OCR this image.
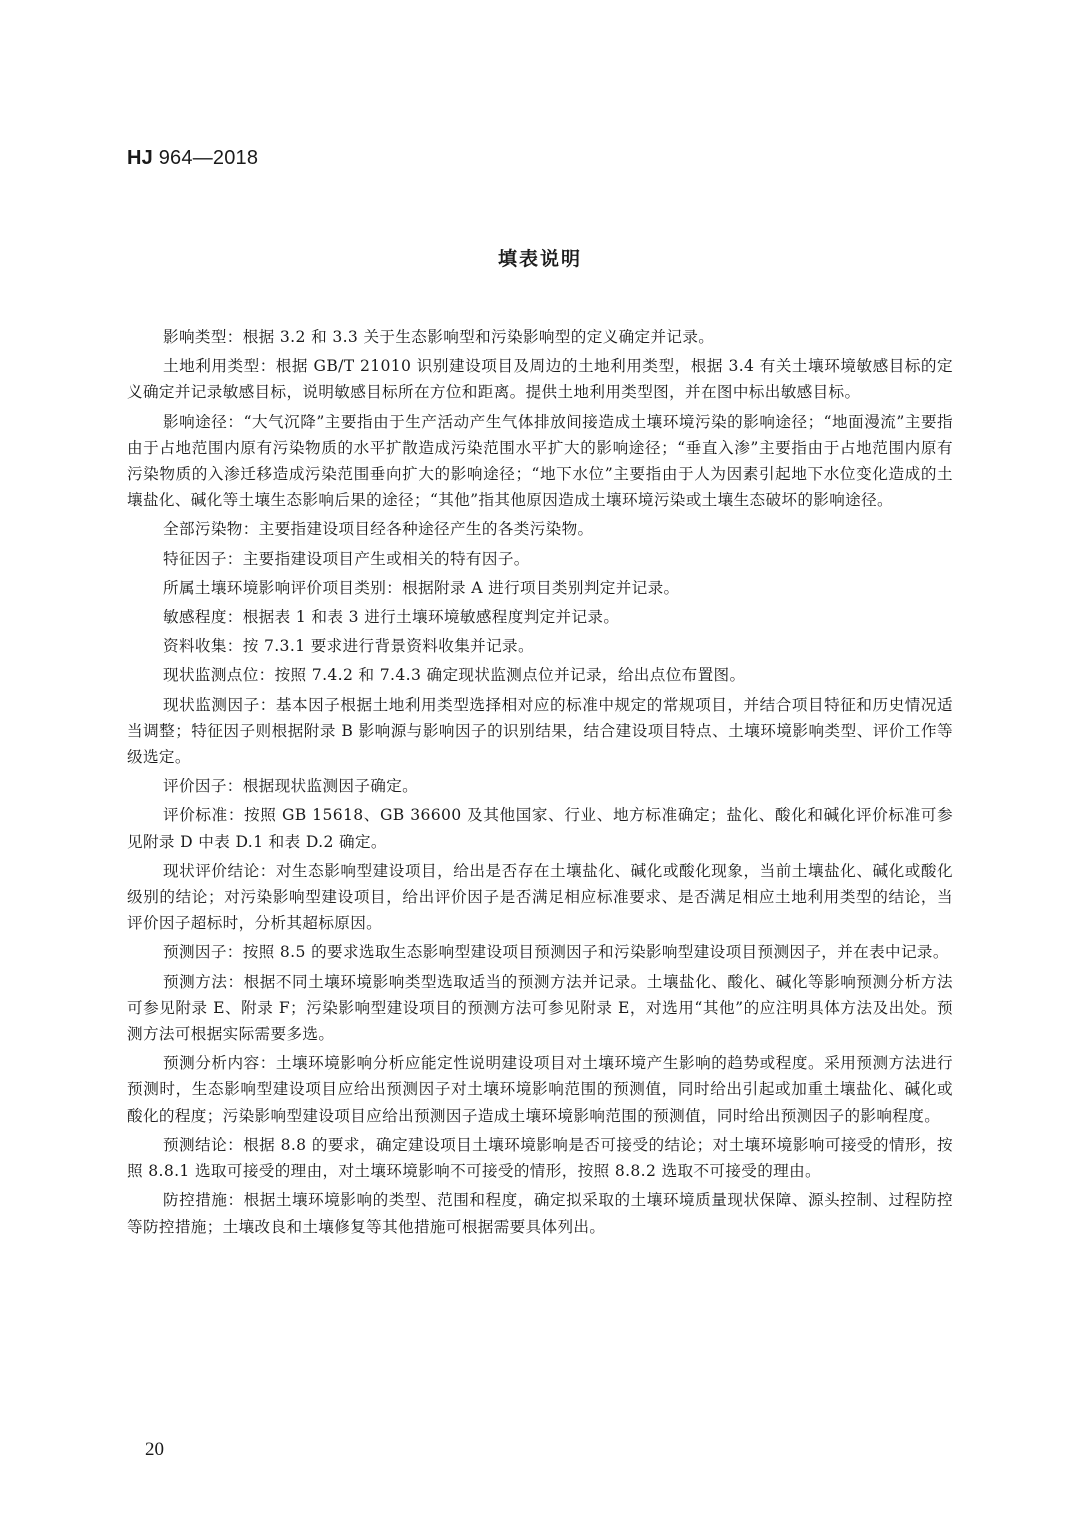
HJ 964—2018
填表说明

影响类型：根据 3.2 和 3.3 关于生态影响型和污染影响型的定义确定并记录。

土地利用类型：根据 GB/T 21010 识别建设项目及周边的土地利用类型，根据 3.4 有关土壤环境敏感目标的定义确定并记录敏感目标，说明敏感目标所在方位和距离。提供土地利用类型图，并在图中标出敏感目标。

影响途径：“大气沉降”主要指由于生产活动产生气体排放间接造成土壤环境污染的影响途径；“地面漫流”主要指由于占地范围内原有污染物质的水平扩散造成污染范围水平扩大的影响途径；“垂直入渗”主要指由于占地范围内原有污染物质的入渗迁移造成污染范围垂向扩大的影响途径；“地下水位”主要指由于人为因素引起地下水位变化造成的土壤盐化、碱化等土壤生态影响后果的途径；“其他”指其他原因造成土壤环境污染或土壤生态破坏的影响途径。

全部污染物：主要指建设项目经各种途径产生的各类污染物。

特征因子：主要指建设项目产生或相关的特有因子。

所属土壤环境影响评价项目类别：根据附录 A 进行项目类别判定并记录。

敏感程度：根据表 1 和表 3 进行土壤环境敏感程度判定并记录。

资料收集：按 7.3.1 要求进行背景资料收集并记录。

现状监测点位：按照 7.4.2 和 7.4.3 确定现状监测点位并记录，给出点位布置图。

现状监测因子：基本因子根据土地利用类型选择相对应的标准中规定的常规项目，并结合项目特征和历史情况适当调整；特征因子则根据附录 B 影响源与影响因子的识别结果，结合建设项目特点、土壤环境影响类型、评价工作等级选定。

评价因子：根据现状监测因子确定。

评价标准：按照 GB 15618、GB 36600 及其他国家、行业、地方标准确定；盐化、酸化和碱化评价标准可参见附录 D 中表 D.1 和表 D.2 确定。

现状评价结论：对生态影响型建设项目，给出是否存在土壤盐化、碱化或酸化现象，当前土壤盐化、碱化或酸化级别的结论；对污染影响型建设项目，给出评价因子是否满足相应标准要求、是否满足相应土地利用类型的结论，当评价因子超标时，分析其超标原因。

预测因子：按照 8.5 的要求选取生态影响型建设项目预测因子和污染影响型建设项目预测因子，并在表中记录。

预测方法：根据不同土壤环境影响类型选取适当的预测方法并记录。土壤盐化、酸化、碱化等影响预测分析方法可参见附录 E、附录 F；污染影响型建设项目的预测方法可参见附录 E，对选用“其他”的应注明具体方法及出处。预测方法可根据实际需要多选。

预测分析内容：土壤环境影响分析应能定性说明建设项目对土壤环境产生影响的趋势或程度。采用预测方法进行预测时，生态影响型建设项目应给出预测因子对土壤环境影响范围的预测值，同时给出引起或加重土壤盐化、碱化或酸化的程度；污染影响型建设项目应给出预测因子造成土壤环境影响范围的预测值，同时给出预测因子的影响程度。

预测结论：根据 8.8 的要求，确定建设项目土壤环境影响是否可接受的结论；对土壤环境影响可接受的情形，按照 8.8.1 选取可接受的理由，对土壤环境影响不可接受的情形，按照 8.8.2 选取不可接受的理由。

防控措施：根据土壤环境影响的类型、范围和程度，确定拟采取的土壤环境质量现状保障、源头控制、过程防控等防控措施；土壤改良和土壤修复等其他措施可根据需要具体列出。

20
